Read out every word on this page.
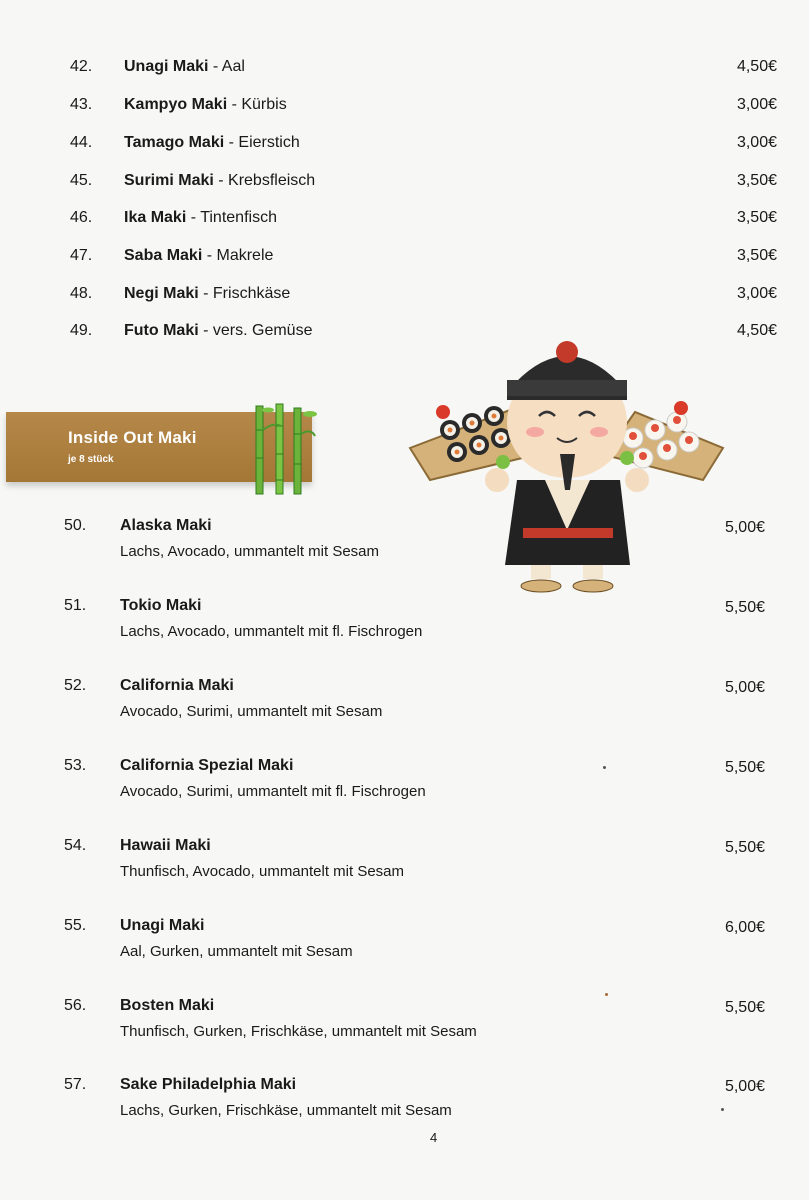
42.	Unagi Maki - Aal	4,50€
43.	Kampyo Maki - Kürbis	3,00€
44.	Tamago Maki - Eierstich	3,00€
45.	Surimi Maki - Krebsfleisch	3,50€
46.	Ika Maki - Tintenfisch	3,50€
47.	Saba Maki - Makrele	3,50€
48.	Negi Maki - Frischkäse	3,00€
49.	Futo Maki - vers. Gemüse	4,50€
Inside Out Maki
je 8 stück
50. Alaska Maki
Lachs, Avocado, ummantelt mit Sesam
5,00€
51. Tokio Maki
Lachs, Avocado, ummantelt mit fl. Fischrogen
5,50€
52. California Maki
Avocado, Surimi, ummantelt mit Sesam
5,00€
53. California Spezial Maki
Avocado, Surimi, ummantelt mit fl. Fischrogen
5,50€
54. Hawaii Maki
Thunfisch, Avocado, ummantelt mit Sesam
5,50€
55. Unagi Maki
Aal, Gurken, ummantelt mit Sesam
6,00€
56. Bosten Maki
Thunfisch, Gurken, Frischkäse, ummantelt mit Sesam
5,50€
57. Sake Philadelphia Maki
Lachs, Gurken, Frischkäse, ummantelt mit Sesam
5,00€
4
